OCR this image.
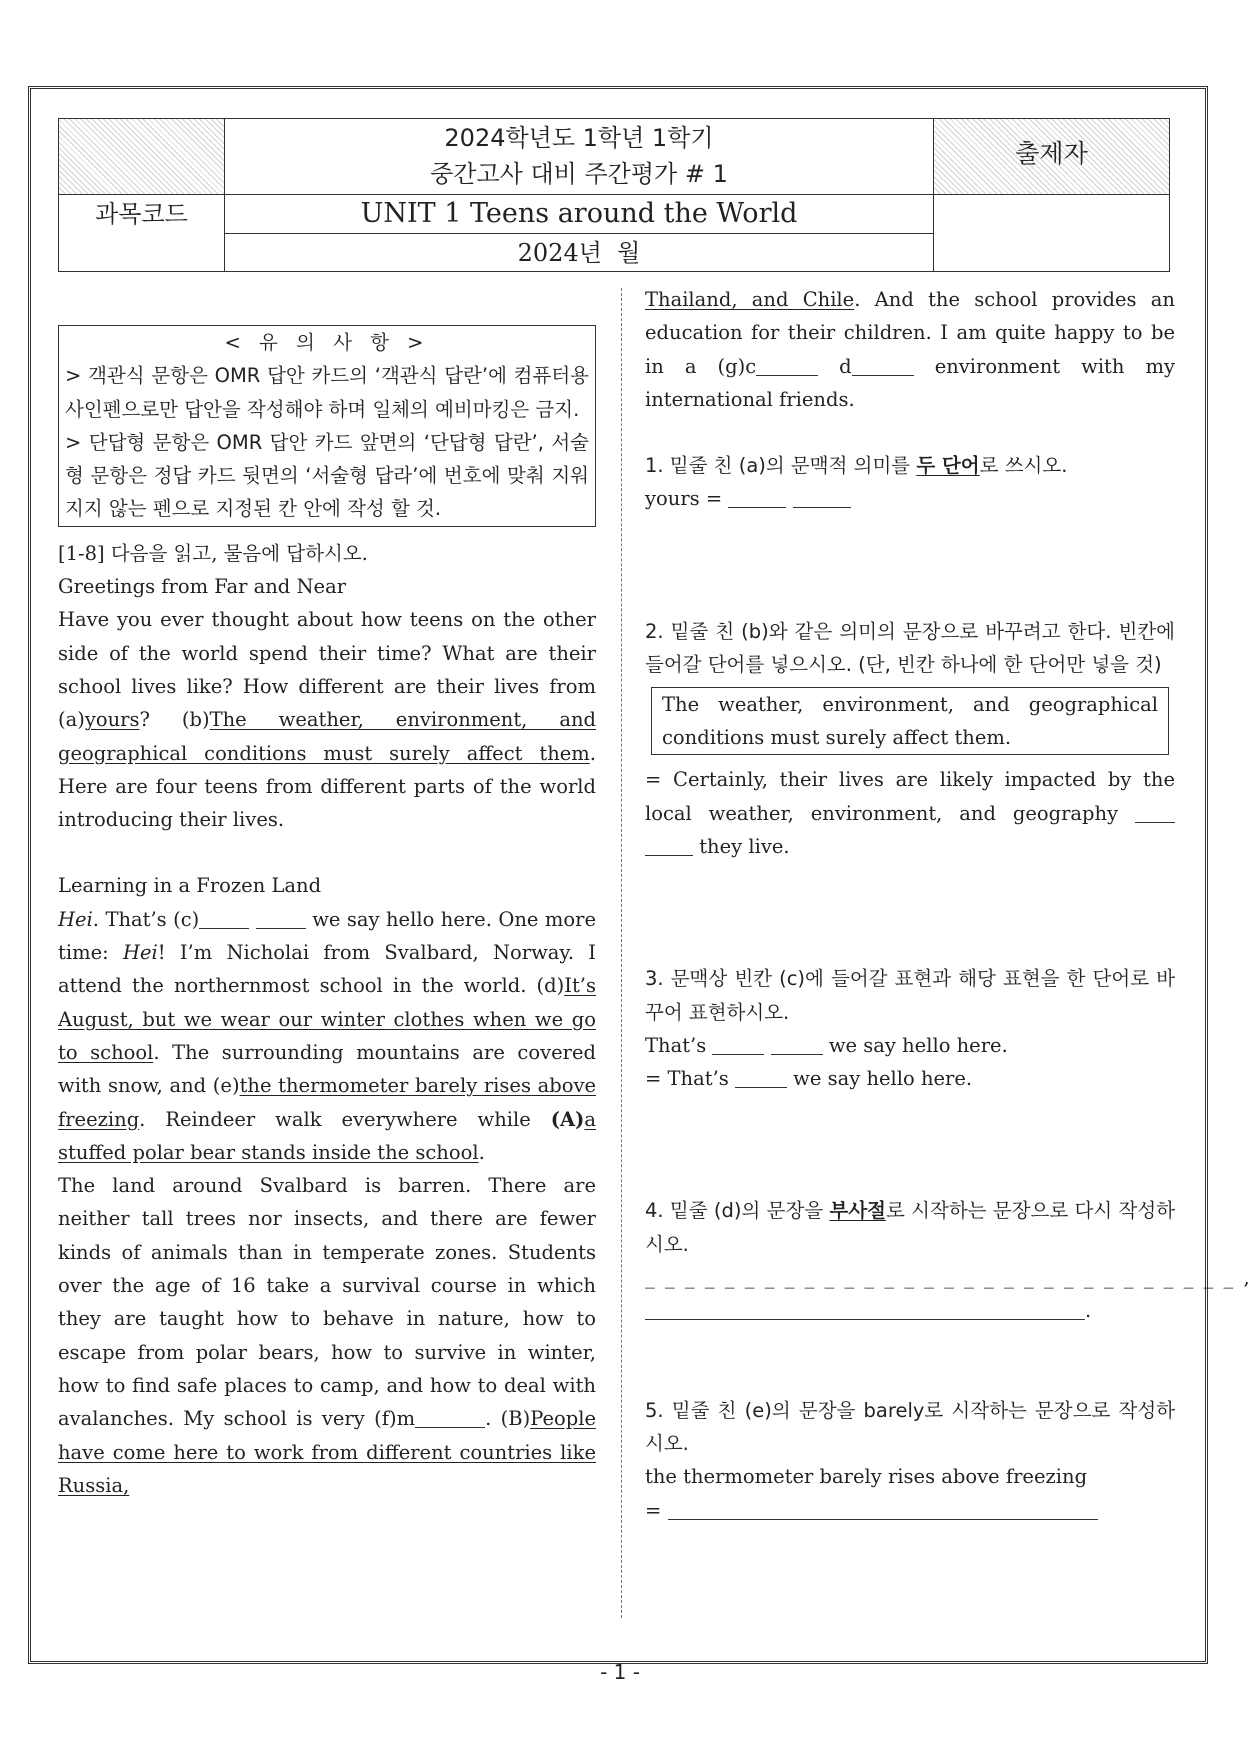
2024학년도 1학년 1학기
중간고사 대비 주간평가 # 1
출제자
과목코드	UNIT 1 Teens around the World
2024년  월
< 유 의 사 항 >

> 객관식 문항은 OMR 답안 카드의 ‘객관식 답란’에 컴퓨터용 사인펜으로만 답안을 작성해야 하며 일체의 예비마킹은 금지.

> 단답형 문항은 OMR 답안 카드 앞면의 ‘단답형 답란’, 서술형 문항은 정답 카드 뒷면의 ‘서술형 답라’에 번호에 맞춰 지워지지 않는 펜으로 지정된 칸 안에 작성 할 것.

[1-8] 다음을 읽고, 물음에 답하시오.

Greetings from Far and Near

Have you ever thought about how teens on the other side of the world spend their time? What are their school lives like? How different are their lives from (a)yours? (b)The weather, environment, and geographical conditions must surely affect them. Here are four teens from different parts of the world introducing their lives.

Learning in a Frozen Land

Hei. That’s (c)	we say hello here. One more time: Hei! I’m Nicholai from Svalbard, Norway. I attend the northernmost school in the world. (d)It’s August, but we wear our winter clothes when we go to school. The surrounding mountains are covered with snow, and (e)the thermometer barely rises above freezing. Reindeer walk everywhere while (A)a stuffed polar bear stands inside the school.

The land around Svalbard is barren. There are neither tall trees nor insects, and there are fewer kinds of animals than in temperate zones. Students over the age of 16 take a survival course in which they are taught how to behave in nature, how to escape from polar bears, how to survive in winter, how to find safe places to camp, and how to deal with avalanches. My school is very (f)m	. (B)People have come here to work from different countries like Russia,

Thailand, and Chile. And the school provides an education for their children. I am quite happy to be in a (g)c	d	environment with my international friends.

1. 밑줄 친 (a)의 문맥적 의미를 두 단어로 쓰시오.

yours =

2. 밑줄 친 (b)와 같은 의미의 문장으로 바꾸려고 한다. 빈칸에 들어갈 단어를 넣으시오. (단, 빈칸 하나에 한 단어만 넣을 것)

The weather, environment, and geographical conditions must surely affect them.

= Certainly, their lives are likely impacted by the local weather, environment, and geography   they live.

3. 문맥상 빈칸 (c)에 들어갈 표현과 해당 표현을 한 단어로 바꾸어 표현하시오.

That’s	we say hello here.

= That’s	we say hello here.

4. 밑줄 (d)의 문장을 부사절로 시작하는 문장으로 다시 작성하시오.

_ _ _ _ _ _ _ _ _ _ _ _ _ _ _ _ _ _ _ _ _ _ _ _ _ _ _ _ _ _ ,

.

5. 밑줄 친 (e)의 문장을 barely로 시작하는 문장으로 작성하시오.

the thermometer barely rises above freezing

=

- 1 -
